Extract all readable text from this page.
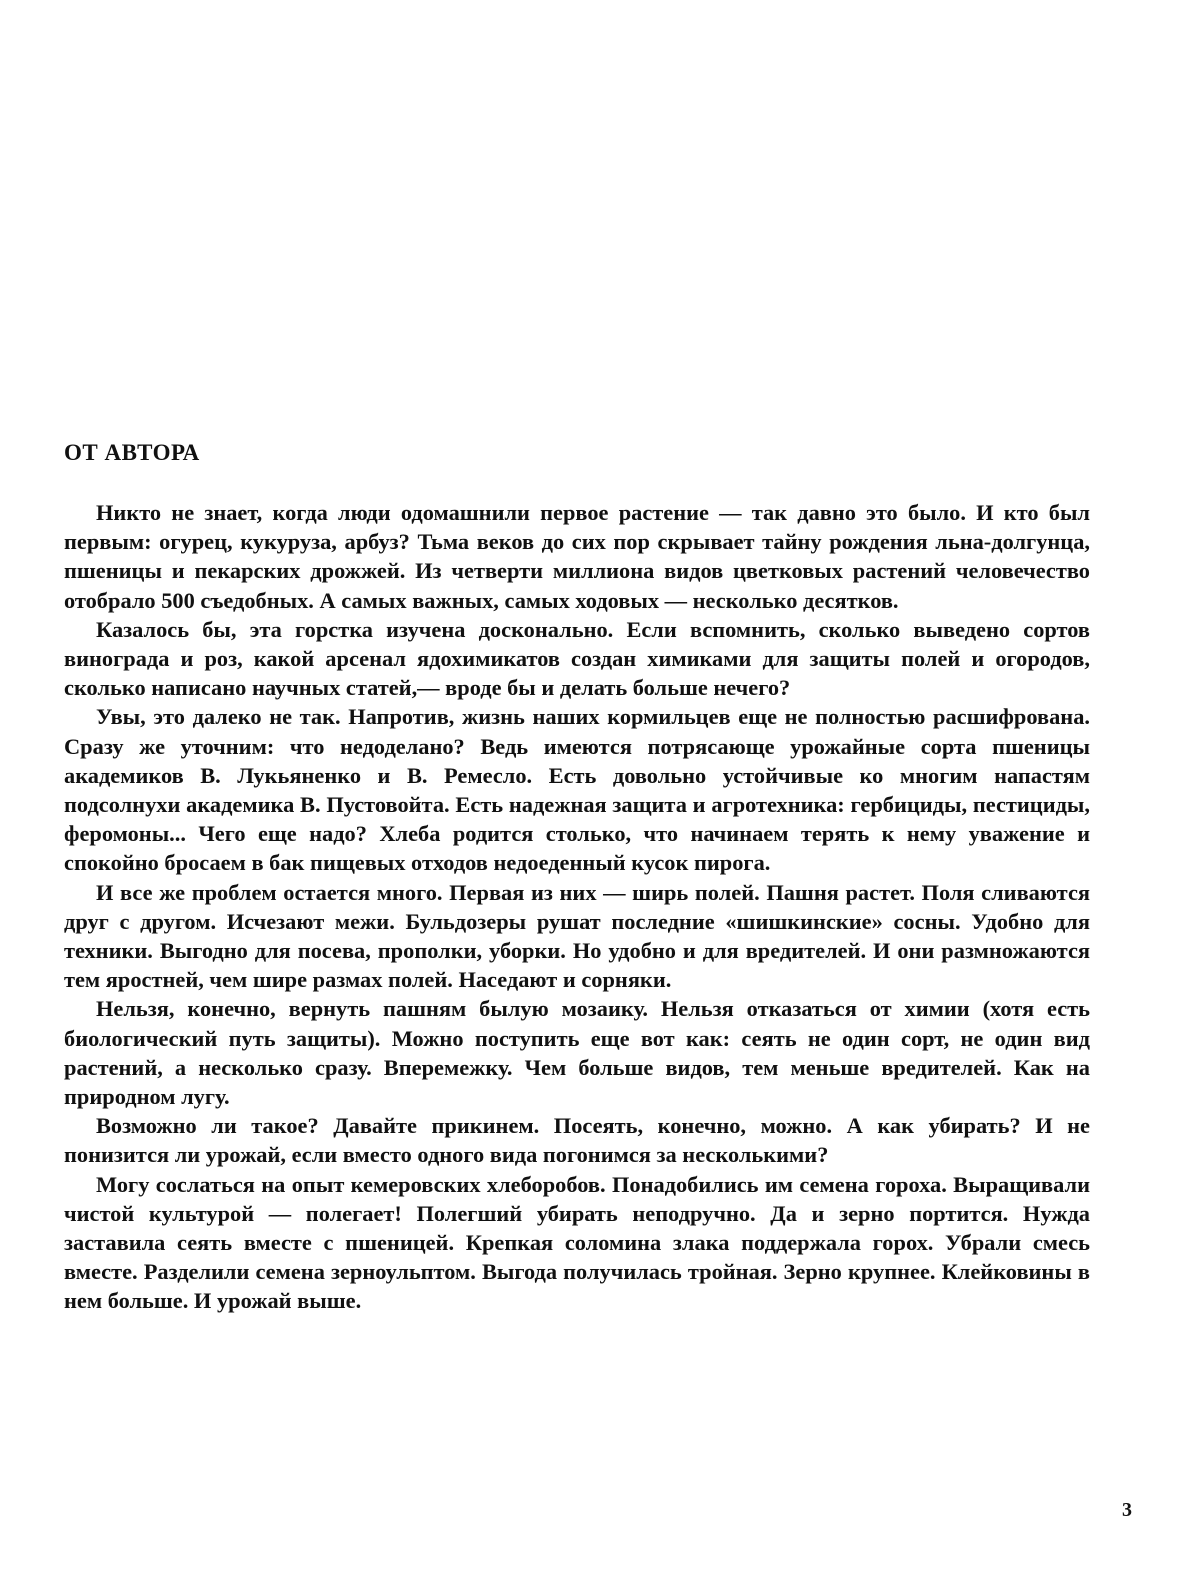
ОТ АВТОРА

Никто не знает, когда люди одомашнили первое растение — так давно это было. И кто был первым: огурец, кукуруза, арбуз? Тьма веков до сих пор скрывает тайну рождения льна-долгунца, пшеницы и пекарских дрожжей. Из четверти миллиона видов цветковых растений человечество отобрало 500 съедобных. А самых важных, самых ходовых — несколько десятков.

Казалось бы, эта горстка изучена досконально. Если вспомнить, сколько выведено сортов винограда и роз, какой арсенал ядохимикатов создан химиками для защиты полей и огородов, сколько написано научных статей,— вроде бы и делать больше нечего?

Увы, это далеко не так. Напротив, жизнь наших кормильцев еще не полностью расшифрована. Сразу же уточним: что недоделано? Ведь имеются потрясающе урожайные сорта пшеницы академиков В. Лукьяненко и В. Ремесло. Есть довольно устойчивые ко многим напастям подсолнухи академика В. Пустовойта. Есть надежная защита и агротехника: гербициды, пестициды, феромоны... Чего еще надо? Хлеба родится столько, что начинаем терять к нему уважение и спокойно бросаем в бак пищевых отходов недоеденный кусок пирога.

И все же проблем остается много. Первая из них — ширь полей. Пашня растет. Поля сливаются друг с другом. Исчезают межи. Бульдозеры рушат последние «шишкинские» сосны. Удобно для техники. Выгодно для посева, прополки, уборки. Но удобно и для вредителей. И они размножаются тем яростней, чем шире размах полей. Наседают и сорняки.

Нельзя, конечно, вернуть пашням былую мозаику. Нельзя отказаться от химии (хотя есть биологический путь защиты). Можно поступить еще вот как: сеять не один сорт, не один вид растений, а несколько сразу. Вперемежку. Чем больше видов, тем меньше вредителей. Как на природном лугу.

Возможно ли такое? Давайте прикинем. Посеять, конечно, можно. А как убирать? И не понизится ли урожай, если вместо одного вида погонимся за несколькими?

Могу сослаться на опыт кемеровских хлеборобов. Понадобились им семена гороха. Выращивали чистой культурой — полегает! Полегший убирать неподручно. Да и зерно портится. Нужда заставила сеять вместе с пшеницей. Крепкая соломина злака поддержала горох. Убрали смесь вместе. Разделили семена зерноульптом. Выгода получилась тройная. Зерно крупнее. Клейковины в нем больше. И урожай выше.

3
